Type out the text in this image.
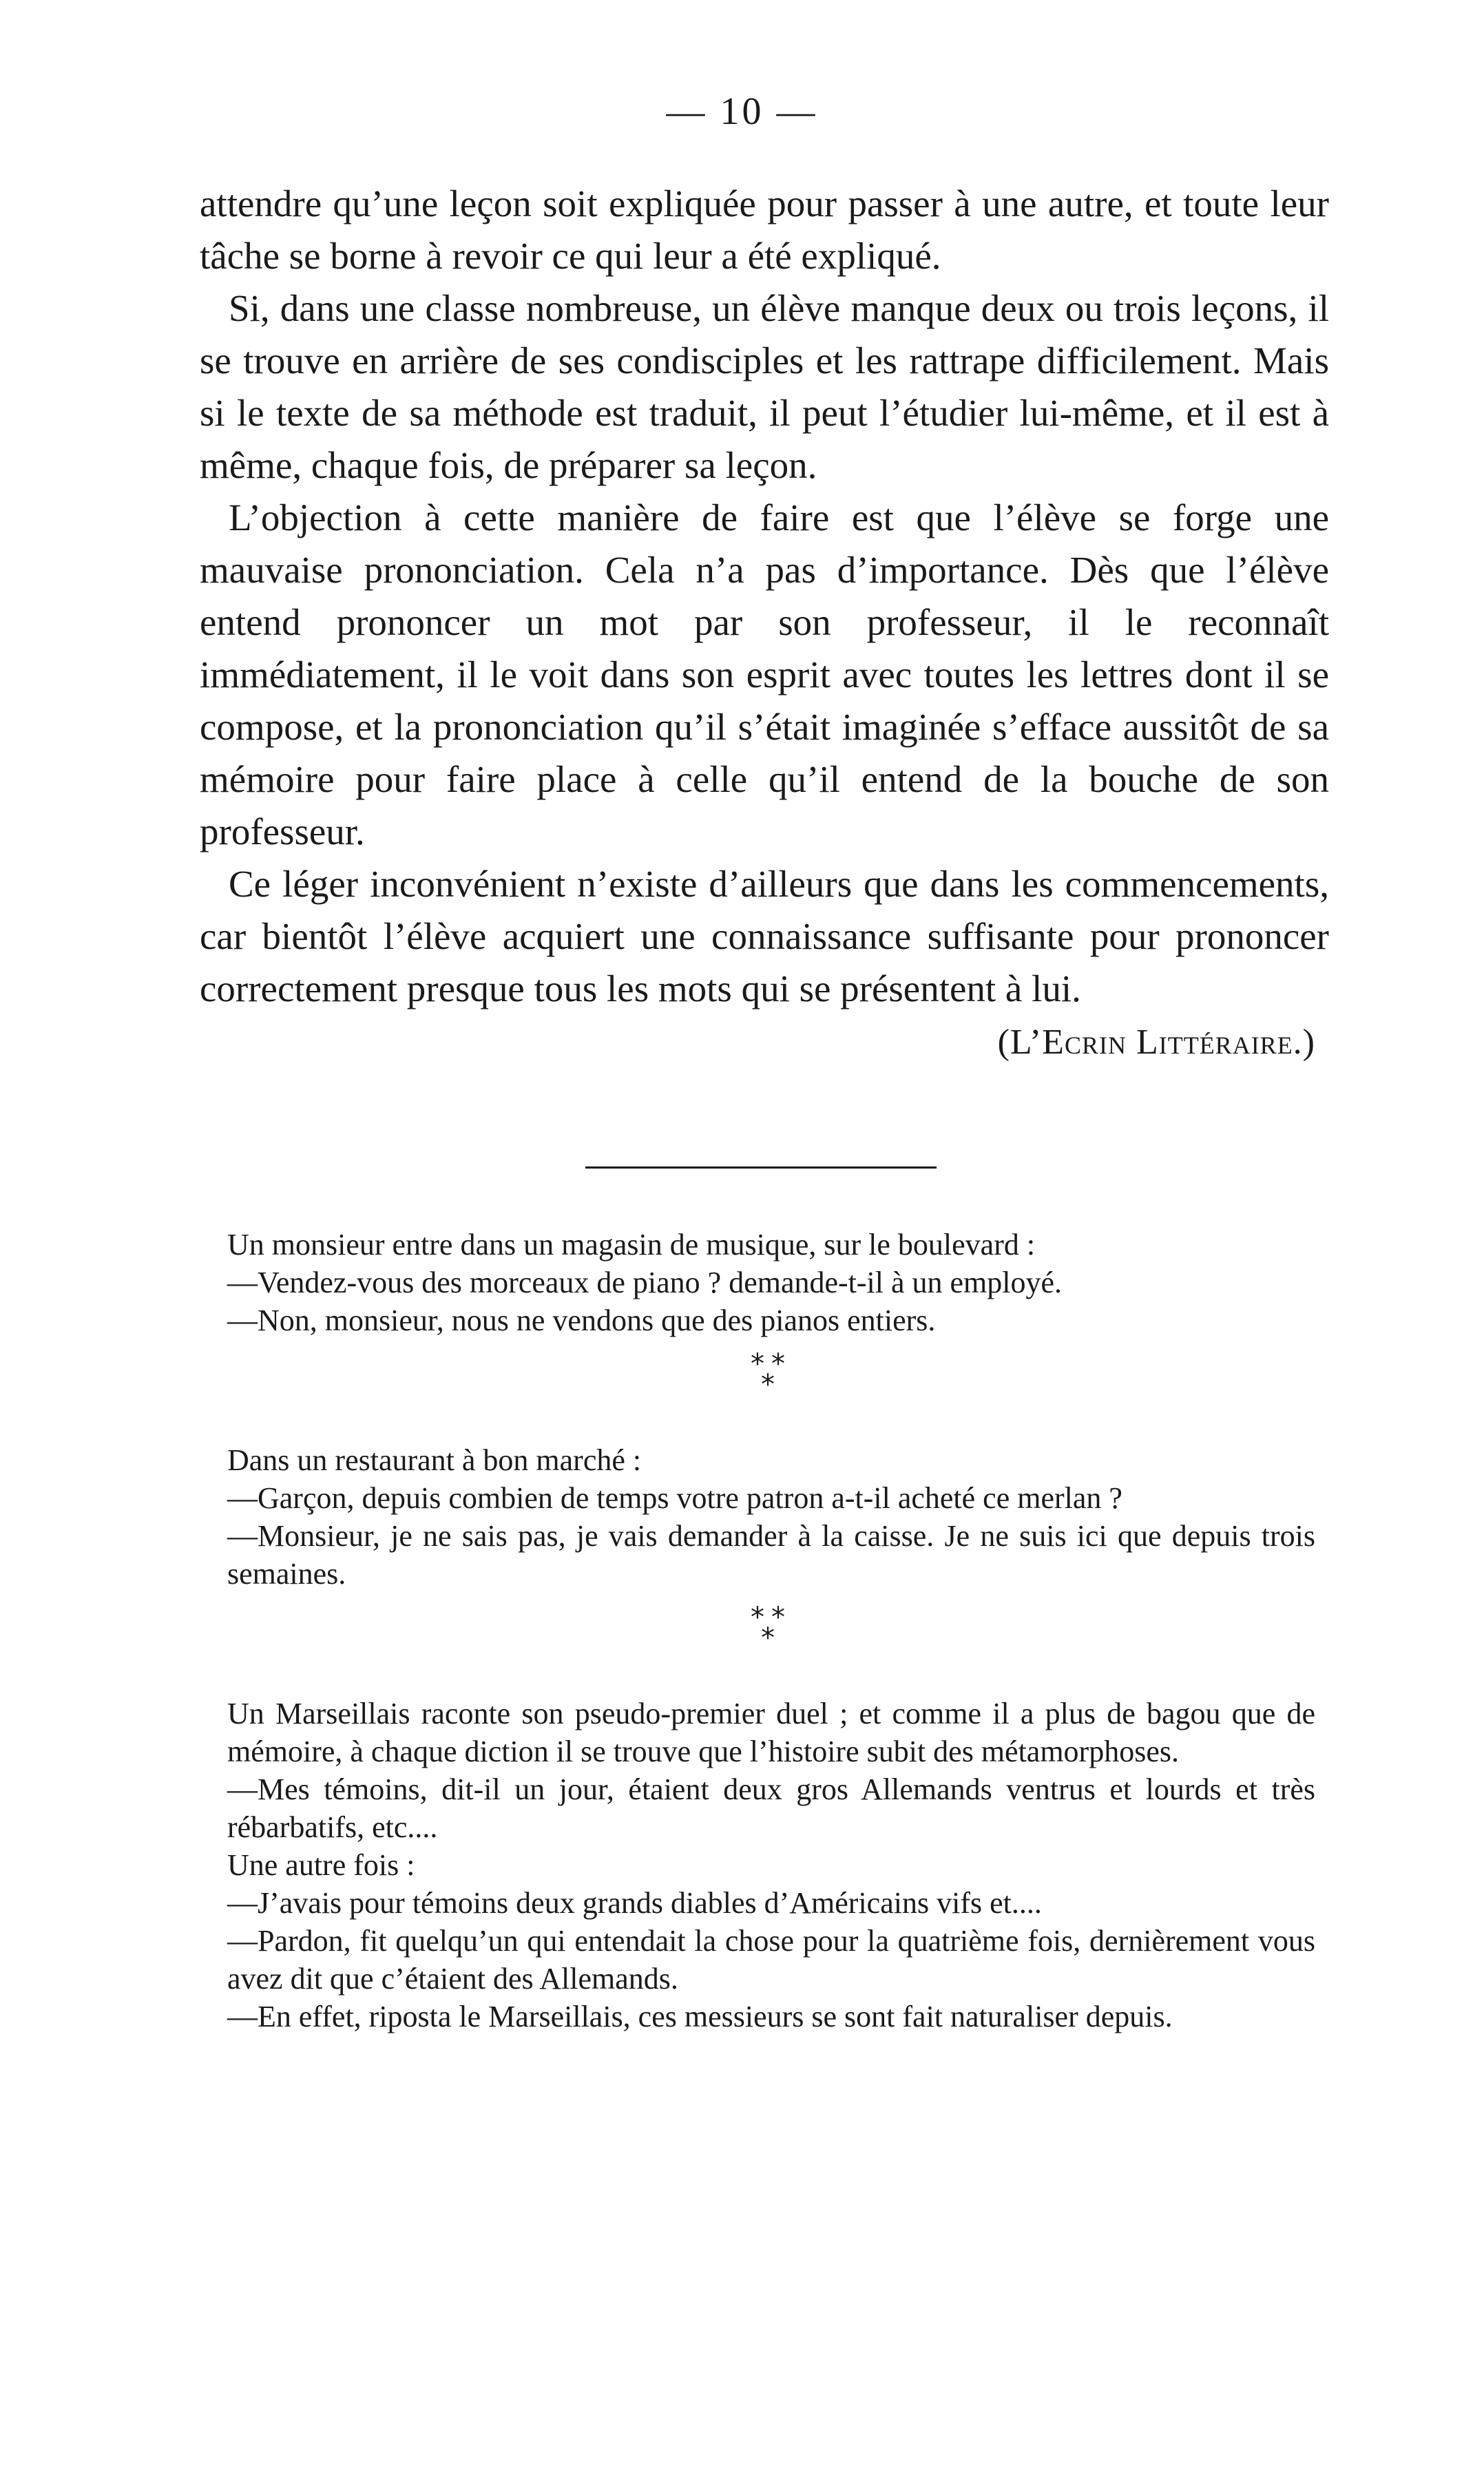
— 10 —

attendre qu’une leçon soit expliquée pour passer à une autre, et toute leur tâche se borne à revoir ce qui leur a été expliqué.

Si, dans une classe nombreuse, un élève manque deux ou trois leçons, il se trouve en arrière de ses condisciples et les rattrape difficilement. Mais si le texte de sa méthode est traduit, il peut l’étudier lui-même, et il est à même, chaque fois, de préparer sa leçon.

L’objection à cette manière de faire est que l’élève se forge une mauvaise prononciation. Cela n’a pas d’importance. Dès que l’élève entend prononcer un mot par son professeur, il le reconnaît immédiatement, il le voit dans son esprit avec toutes les lettres dont il se compose, et la prononciation qu’il s’était imaginée s’efface aussitôt de sa mémoire pour faire place à celle qu’il entend de la bouche de son professeur.

Ce léger inconvénient n’existe d’ailleurs que dans les commencements, car bientôt l’élève acquiert une connaissance suffisante pour prononcer correctement presque tous les mots qui se présentent à lui.

(L’Ecrin Littéraire.)

Un monsieur entre dans un magasin de musique, sur le boulevard :

—Vendez-vous des morceaux de piano ? demande-t-il à un employé.

—Non, monsieur, nous ne vendons que des pianos entiers.

**
*

Dans un restaurant à bon marché :

—Garçon, depuis combien de temps votre patron a-t-il acheté ce merlan ?

—Monsieur, je ne sais pas, je vais demander à la caisse. Je ne suis ici que depuis trois semaines.

**
*

Un Marseillais raconte son pseudo-premier duel ; et comme il a plus de bagou que de mémoire, à chaque diction il se trouve que l’histoire subit des métamorphoses.

—Mes témoins, dit-il un jour, étaient deux gros Allemands ventrus et lourds et très rébarbatifs, etc....

Une autre fois :

—J’avais pour témoins deux grands diables d’Américains vifs et....

—Pardon, fit quelqu’un qui entendait la chose pour la quatrième fois, dernièrement vous avez dit que c’étaient des Allemands.

—En effet, riposta le Marseillais, ces messieurs se sont fait naturaliser depuis.
